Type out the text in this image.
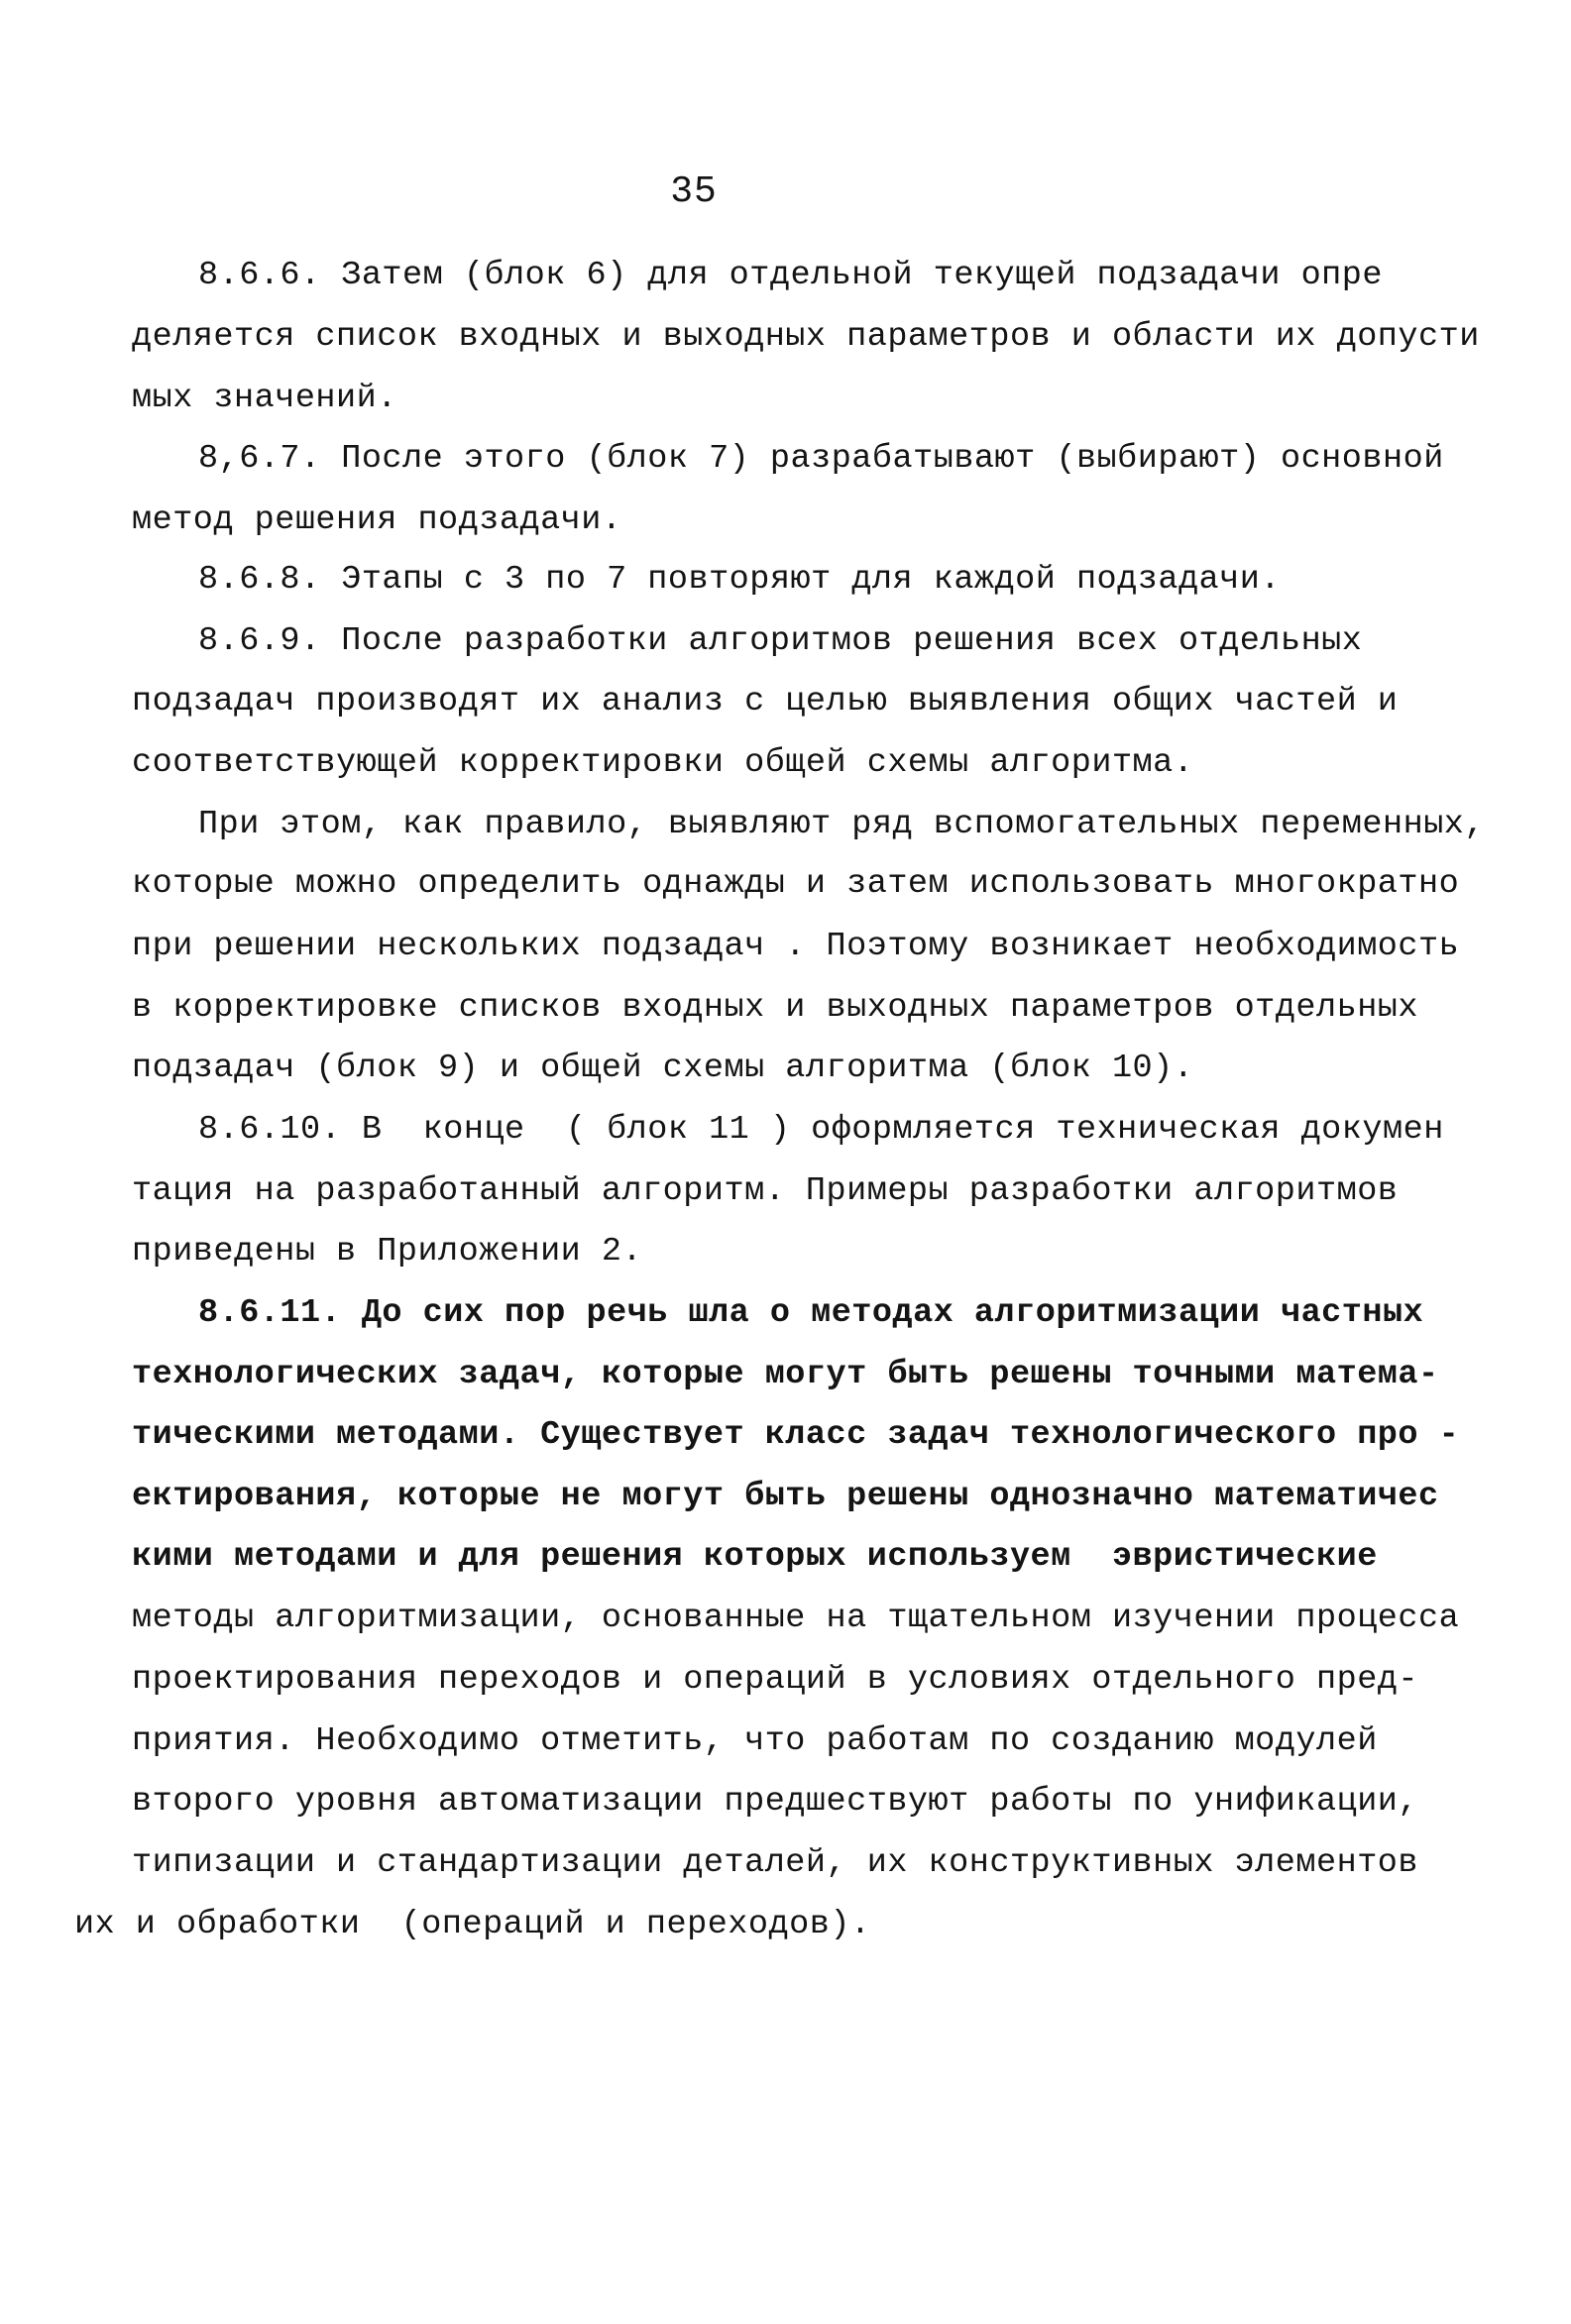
35
8.6.6. Затем (блок 6) для отдельной текущей подзадачи опре
деляется список входных и выходных параметров и области их допусти
мых значений.
8,6.7. После этого (блок 7) разрабатывают (выбирают) основной
метод решения подзадачи.
8.6.8. Этапы с 3 по 7 повторяют для каждой подзадачи.
8.6.9. После разработки алгоритмов решения всех отдельных
подзадач производят их анализ с целью выявления общих частей и
соответствующей корректировки общей схемы алгоритма.
При этом, как правило, выявляют ряд вспомогательных переменных,
которые можно определить однажды и затем использовать многократно
при решении нескольких подзадач . Поэтому возникает необходимость
в корректировке списков входных и выходных параметров отдельных
подзадач (блок 9) и общей схемы алгоритма (блок 10).
8.6.10. В  конце  ( блок 11 ) оформляется техническая докумен
тация на разработанный алгоритм. Примеры разработки алгоритмов
приведены в Приложении 2.
8.6.11. До сих пор речь шла о методах алгоритмизации частных
технологических задач, которые могут быть решены точными матема-
тическими методами. Существует класс задач технологического про -
ектирования, которые не могут быть решены однозначно математичес
кими методами и для решения которых используем  эвристические
методы алгоритмизации, основанные на тщательном изучении процесса
проектирования переходов и операций в условиях отдельного пред-
приятия. Необходимо отметить, что работам по созданию модулей
второго уровня автоматизации предшествуют работы по унификации,
типизации и стандартизации деталей, их конструктивных элементов
их и обработки  (операций и переходов).
